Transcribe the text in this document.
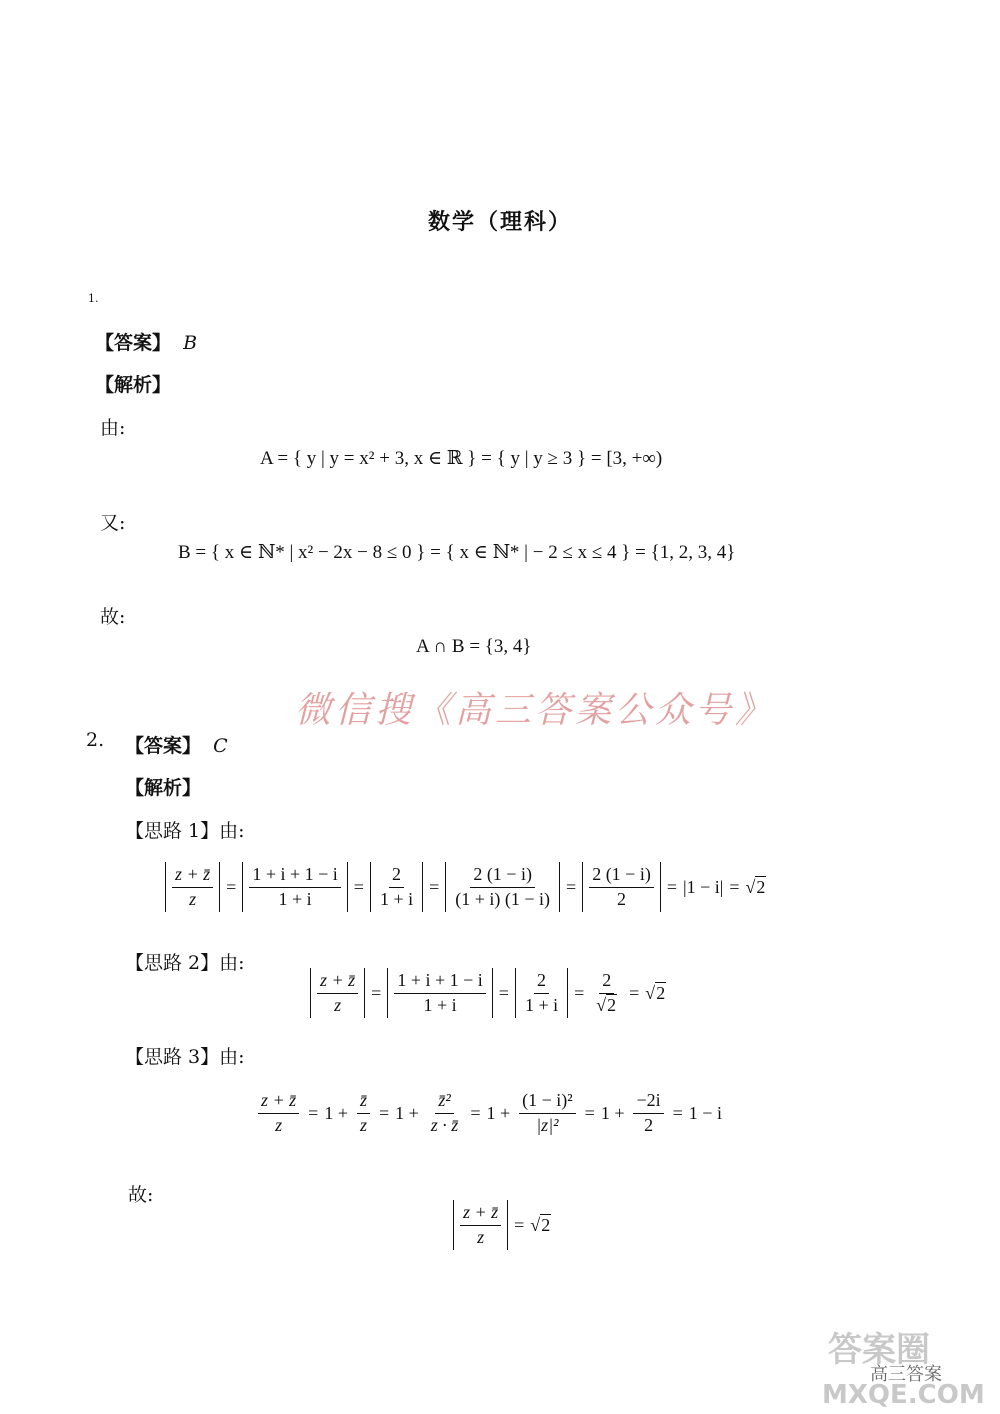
数学（理科）
1.
【答案】 B
【解析】
由:
A = { y | y = x² + 3, x ∈ ℝ } = { y | y ≥ 3 } = [3, +∞)
又:
B = { x ∈ ℕ* | x² − 2x − 8 ≤ 0 } = { x ∈ ℕ* | − 2 ≤ x ≤ 4 } = {1, 2, 3, 4}
故:
A ∩ B = {3, 4}
微信搜《高三答案公众号》
2. 【答案】 C
【解析】
【思路 1】由:
$\frac{z + z̄}{z} = \frac{1 + i + 1 - i}{1 + i} = \frac{2}{1 + i} = \frac{2 (1 - i)}{(1 + i) (1 - i)} = \frac{2 (1 - i)}{2} = |1 - i| = √2$
【思路 2】由:
$\frac{z + z̄}{z} = \frac{1 + i + 1 - i}{1 + i} = \frac{2}{1 + i} = \frac{2}{√2} = √2$
【思路 3】由:
$\frac{z + z̄}{z} = 1 + \frac{z̄}{z} = 1 + \frac{\text{z̄²}}{z \cdot z̄} = 1 + \frac{\text{(1 − i)²}}{\text{|z|²}} = 1 + \frac{-2i}{2} = 1 - i$
故:
$\frac{z + z̄}{z} = √2$
答案圈
高三答案
MXQE.COM
